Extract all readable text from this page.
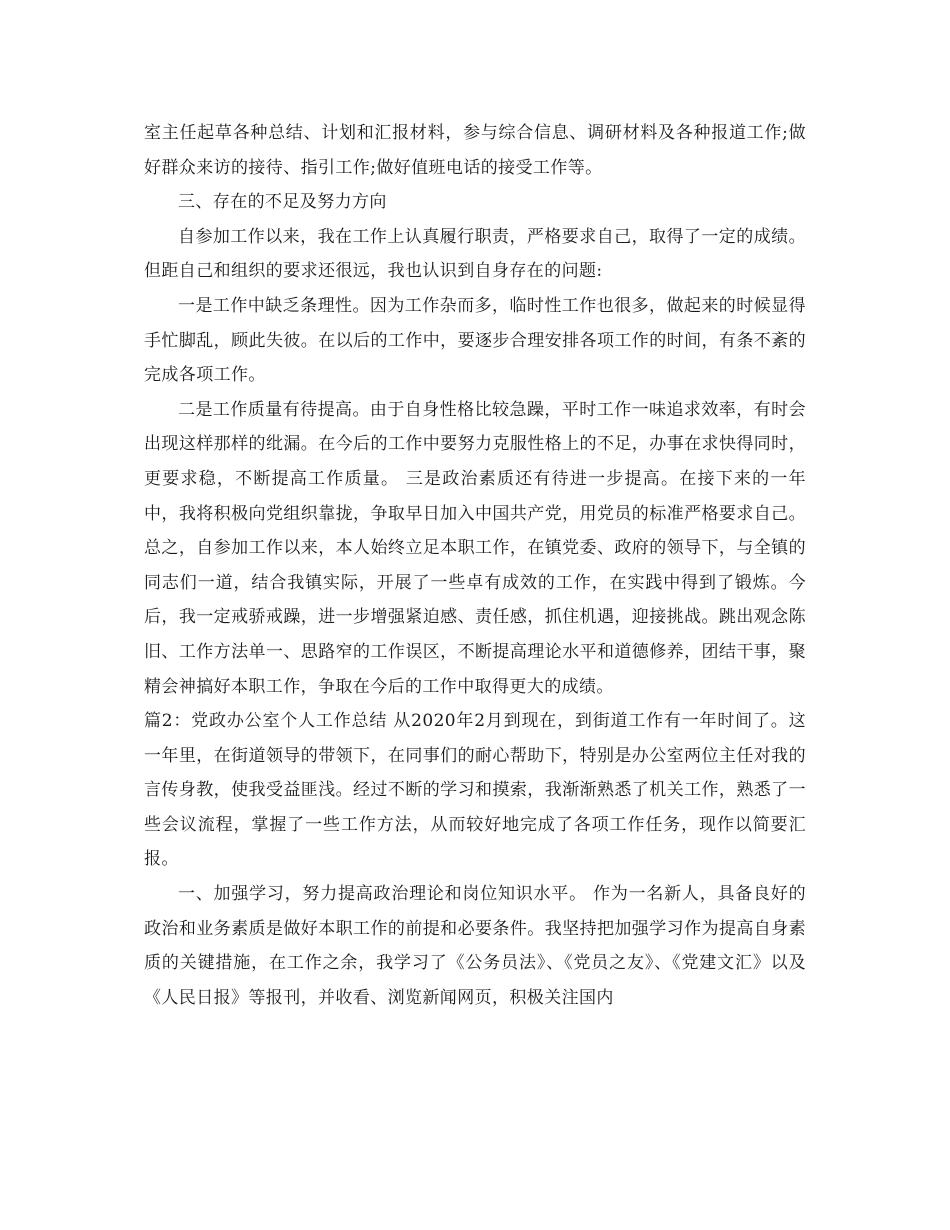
室主任起草各种总结、计划和汇报材料，参与综合信息、调研材料及各种报道工作;做好群众来访的接待、指引工作;做好值班电话的接受工作等。

三、存在的不足及努力方向

自参加工作以来，我在工作上认真履行职责，严格要求自己，取得了一定的成绩。但距自己和组织的要求还很远，我也认识到自身存在的问题:

一是工作中缺乏条理性。因为工作杂而多，临时性工作也很多，做起来的时候显得手忙脚乱，顾此失彼。在以后的工作中，要逐步合理安排各项工作的时间，有条不紊的完成各项工作。

二是工作质量有待提高。由于自身性格比较急躁，平时工作一味追求效率，有时会出现这样那样的纰漏。在今后的工作中要努力克服性格上的不足，办事在求快得同时，更要求稳，不断提高工作质量。 三是政治素质还有待进一步提高。在接下来的一年中，我将积极向党组织靠拢，争取早日加入中国共产党，用党员的标准严格要求自己。 总之，自参加工作以来，本人始终立足本职工作，在镇党委、政府的领导下，与全镇的同志们一道，结合我镇实际，开展了一些卓有成效的工作，在实践中得到了锻炼。今后，我一定戒骄戒躁，进一步增强紧迫感、责任感，抓住机遇，迎接挑战。跳出观念陈旧、工作方法单一、思路窄的工作误区，不断提高理论水平和道德修养，团结干事，聚精会神搞好本职工作，争取在今后的工作中取得更大的成绩。

篇2：党政办公室个人工作总结 从2020年2月到现在，到街道工作有一年时间了。这一年里，在街道领导的带领下，在同事们的耐心帮助下，特别是办公室两位主任对我的言传身教，使我受益匪浅。经过不断的学习和摸索，我渐渐熟悉了机关工作，熟悉了一些会议流程，掌握了一些工作方法，从而较好地完成了各项工作任务，现作以简要汇报。

一、加强学习，努力提高政治理论和岗位知识水平。 作为一名新人，具备良好的政治和业务素质是做好本职工作的前提和必要条件。我坚持把加强学习作为提高自身素质的关键措施，在工作之余，我学习了《公务员法》、《党员之友》、《党建文汇》以及《人民日报》等报刊，并收看、浏览新闻网页，积极关注国内
